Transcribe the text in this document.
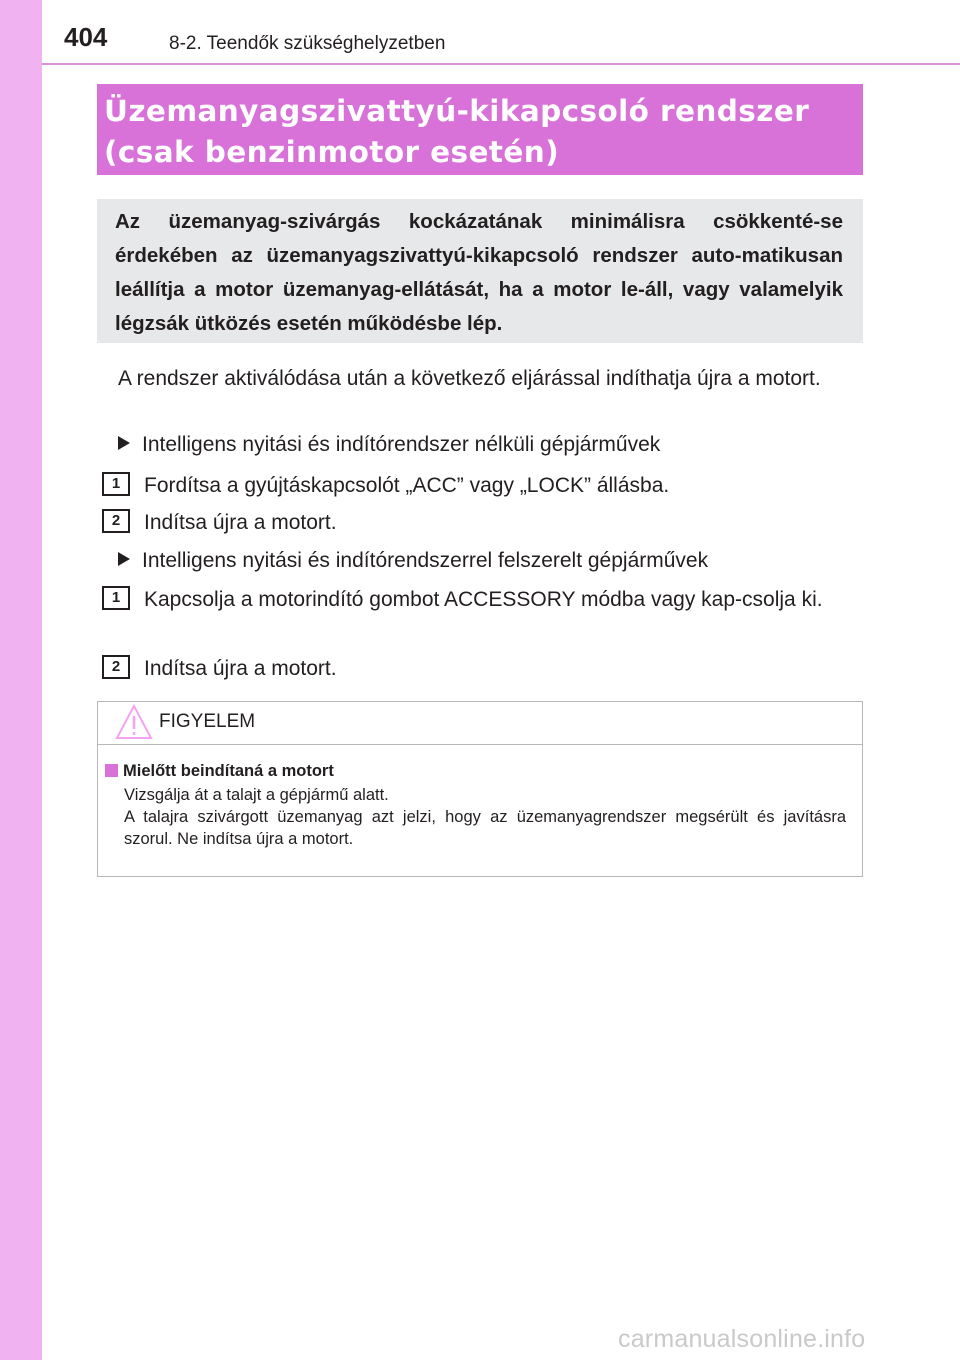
404	8-2. Teendők szükséghelyzetben

Üzemanyagszivattyú-kikapcsoló rendszer
(csak benzinmotor esetén)

Az üzemanyag-szivárgás kockázatának minimálisra csökkenté-se érdekében az üzemanyagszivattyú-kikapcsoló rendszer auto-matikusan leállítja a motor üzemanyag-ellátását, ha a motor le-áll, vagy valamelyik légzsák ütközés esetén működésbe lép.

A rendszer aktiválódása után a következő eljárással indíthatja újra a motort.

Intelligens nyitási és indítórendszer nélküli gépjárművek
1	Fordítsa a gyújtáskapcsolót „ACC” vagy „LOCK” állásba.

2	Indítsa újra a motort.

Intelligens nyitási és indítórendszerrel felszerelt gépjárművek
1	Kapcsolja a motorindító gombot ACCESSORY módba vagy kap-csolja ki.

2	Indítsa újra a motort.

FIGYELEM
Mielőtt beindítaná a motort

Vizsgálja át a talajt a gépjármű alatt.
A talajra szivárgott üzemanyag azt jelzi, hogy az üzemanyagrendszer megsérült és javításra szorul. Ne indítsa újra a motort.

carmanualsonline.info
